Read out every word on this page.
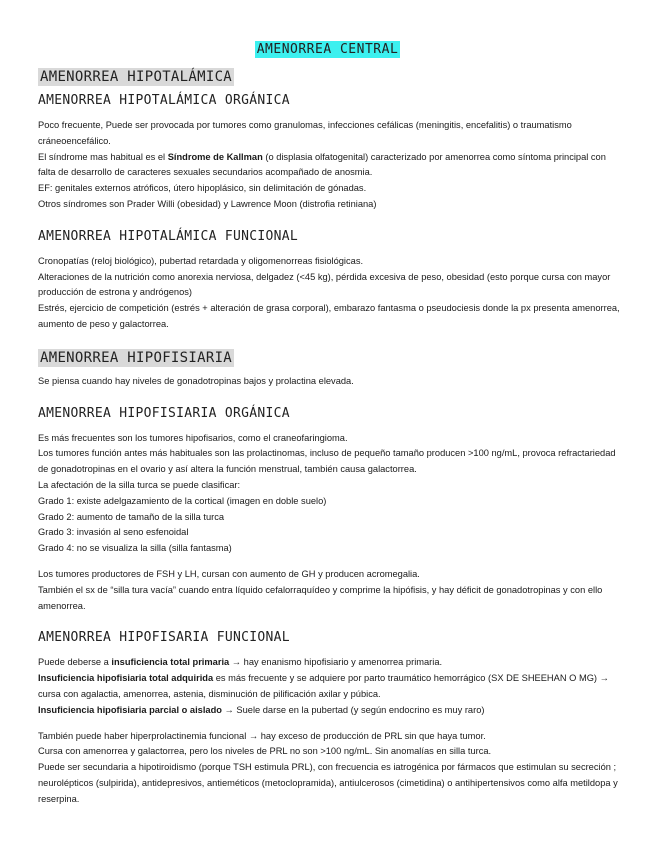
AMENORREA CENTRAL
AMENORREA HIPOTALÁMICA
AMENORREA HIPOTALÁMICA ORGÁNICA

Poco frecuente, Puede ser provocada por tumores como granulomas, infecciones cefálicas (meningitis, encefalitis) o traumatismo cráneoencefálico.

El síndrome mas habitual es el Síndrome de Kallman (o displasia olfatogenital) caracterizado por amenorrea como síntoma principal con falta de desarrollo de caracteres sexuales secundarios acompañado de anosmia.

EF: genitales externos atróficos, útero hipoplásico, sin delimitación de gónadas.

Otros síndromes son Prader Willi (obesidad) y Lawrence Moon (distrofia retiniana)

AMENORREA HIPOTALÁMICA FUNCIONAL

Cronopatías (reloj biológico), pubertad retardada y oligomenorreas fisiológicas.

Alteraciones de la nutrición como anorexia nerviosa, delgadez (<45 kg), pérdida excesiva de peso, obesidad (esto porque cursa con mayor producción de estrona y andrógenos)

Estrés, ejercicio de competición (estrés + alteración de grasa corporal), embarazo fantasma o pseudociesis donde la px presenta amenorrea, aumento de peso y galactorrea.

AMENORREA HIPOFISIARIA

Se piensa cuando hay niveles de gonadotropinas bajos y prolactina elevada.

AMENORREA HIPOFISIARIA ORGÁNICA

Es más frecuentes son los tumores hipofisarios, como el craneofaringioma.

Los tumores función antes más habituales son las prolactinomas, incluso de pequeño tamaño producen >100 ng/mL, provoca refractariedad de gonadotropinas en el ovario y así altera la función menstrual, también causa galactorrea.

La afectación de la silla turca se puede clasificar:

Grado 1: existe adelgazamiento de la cortical (imagen en doble suelo)

Grado 2: aumento de tamaño de la silla turca

Grado 3: invasión al seno esfenoidal

Grado 4: no se visualiza la silla (silla fantasma)

Los tumores productores de FSH y LH, cursan con aumento de GH y producen acromegalia.

También el sx de “silla tura vacía” cuando entra líquido cefalorraquídeo y comprime la hipófisis, y hay déficit de gonadotropinas y con ello amenorrea.

AMENORREA HIPOFISARIA FUNCIONAL

Puede deberse a insuficiencia total primaria → hay enanismo hipofisiario y amenorrea primaria.

Insuficiencia hipofisiaria total adquirida es más frecuente y se adquiere por parto traumático hemorrágico (SX DE SHEEHAN O MG) → cursa con agalactia, amenorrea, astenia, disminución de pilificación axilar y púbica.

Insuficiencia hipofisiaria parcial o aislado → Suele darse en la pubertad (y según endocrino es muy raro)

También puede haber hiperprolactinemia funcional → hay exceso de producción de PRL sin que haya tumor.

Cursa con amenorrea y galactorrea, pero los niveles de PRL no son >100 ng/mL. Sin anomalías en silla turca.

Puede ser secundaria a hipotiroidismo (porque TSH estimula PRL), con frecuencia es iatrogénica por fármacos que estimulan su secreción ; neurolépticos (sulpirida), antidepresivos, antieméticos (metoclopramida), antiulcerosos (cimetidina) o antihipertensivos como alfa metildopa y reserpina.
